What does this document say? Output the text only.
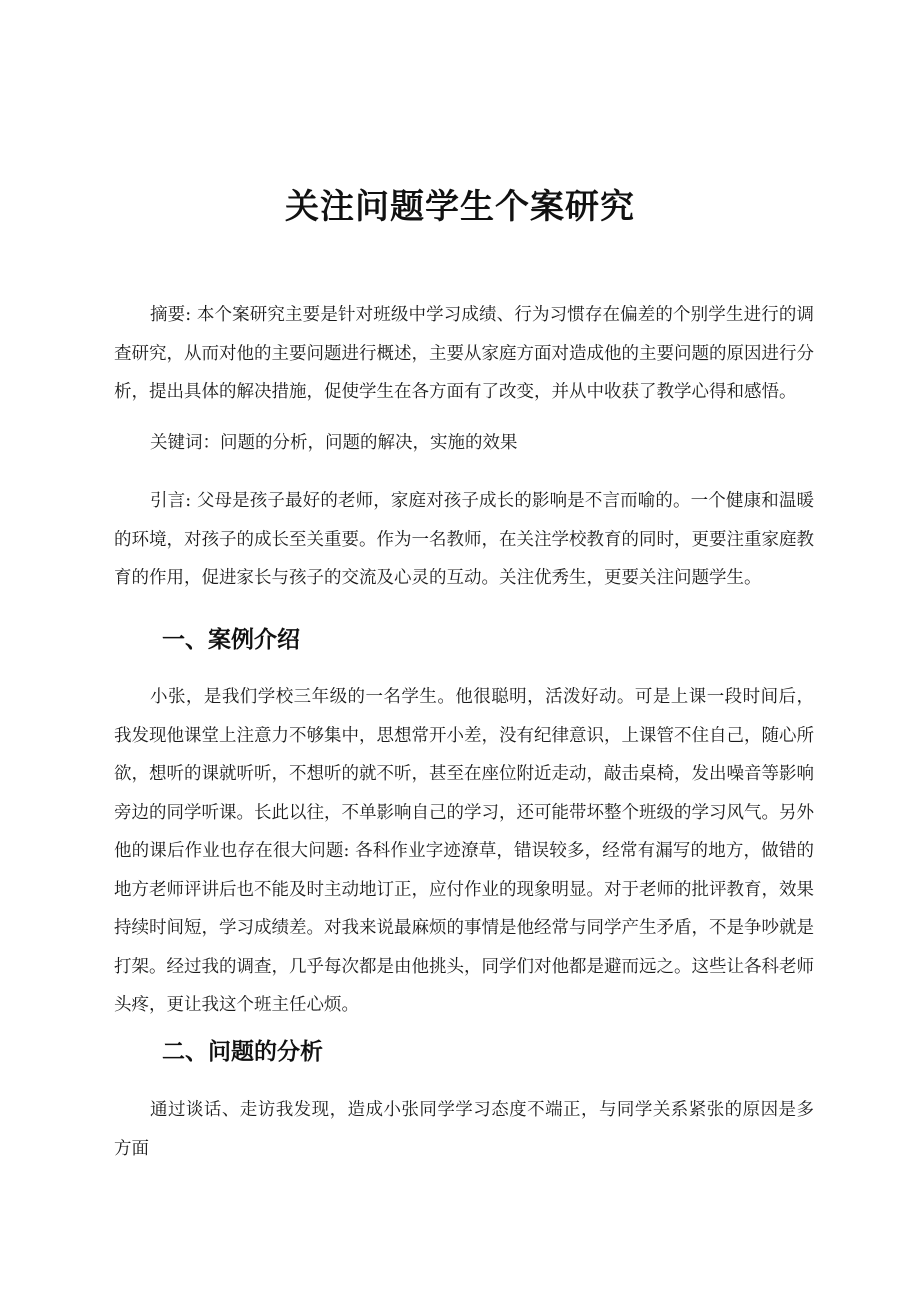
关注问题学生个案研究

摘要: 本个案研究主要是针对班级中学习成绩、行为习惯存在偏差的个别学生进行的调查研究，从而对他的主要问题进行概述，主要从家庭方面对造成他的主要问题的原因进行分析，提出具体的解决措施，促使学生在各方面有了改变，并从中收获了教学心得和感悟。

关键词：问题的分析，问题的解决，实施的效果

引言: 父母是孩子最好的老师，家庭对孩子成长的影响是不言而喻的。一个健康和温暖的环境，对孩子的成长至关重要。作为一名教师，在关注学校教育的同时，更要注重家庭教育的作用，促进家长与孩子的交流及心灵的互动。关注优秀生，更要关注问题学生。

一、案例介绍

小张，是我们学校三年级的一名学生。他很聪明，活泼好动。可是上课一段时间后，我发现他课堂上注意力不够集中，思想常开小差，没有纪律意识，上课管不住自己，随心所欲，想听的课就听听，不想听的就不听，甚至在座位附近走动，敲击桌椅，发出噪音等影响旁边的同学听课。长此以往，不单影响自己的学习，还可能带坏整个班级的学习风气。另外他的课后作业也存在很大问题: 各科作业字迹潦草，错误较多，经常有漏写的地方，做错的地方老师评讲后也不能及时主动地订正，应付作业的现象明显。对于老师的批评教育，效果持续时间短，学习成绩差。对我来说最麻烦的事情是他经常与同学产生矛盾，不是争吵就是打架。经过我的调查，几乎每次都是由他挑头，同学们对他都是避而远之。这些让各科老师头疼，更让我这个班主任心烦。

二、问题的分析

通过谈话、走访我发现，造成小张同学学习态度不端正，与同学关系紧张的原因是多方面
